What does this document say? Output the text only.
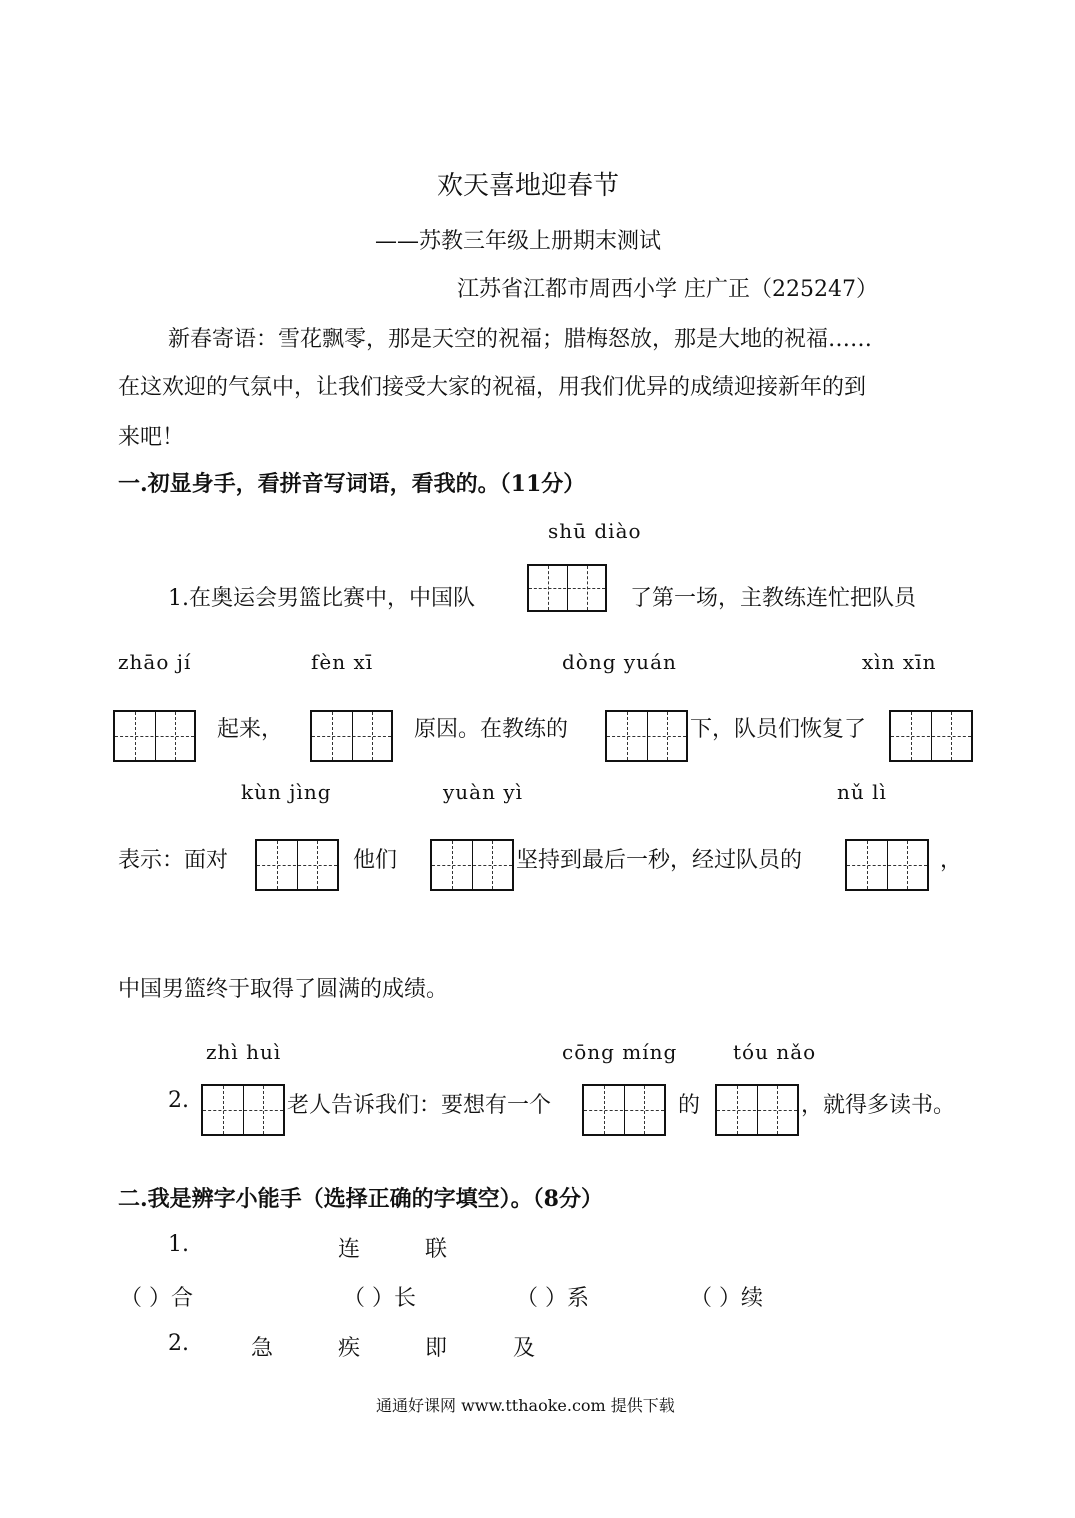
欢天喜地迎春节
——苏教三年级上册期末测试
江苏省江都市周西小学 庄广正（225247）
新春寄语：雪花飘零，那是天空的祝福；腊梅怒放，那是大地的祝福……
在这欢迎的气氛中，让我们接受大家的祝福，用我们优异的成绩迎接新年的到
来吧！
一.初显身手，看拼音写词语，看我的。（11分）
shū diào
1.在奥运会男篮比赛中，中国队	了第一场，主教练连忙把队员
zhāo jí	fèn xī	dòng yuán	xìn xīn
起来，	原因。在教练的	下，队员们恢复了
kùn jìng	yuàn yì	nǔ lì
表示：面对	他们	坚持到最后一秒，经过队员的	，
中国男篮终于取得了圆满的成绩。
zhì huì	cōng míng	tóu nǎo
2.	老人告诉我们：要想有一个	的	，就得多读书。
二.我是辨字小能手（选择正确的字填空）。（8分）
1.	连	联
（ ）合	（ ）长	（ ）系	（ ）续
2.	急	疾	即	及
通通好课网 www.tthaoke.com 提供下载
